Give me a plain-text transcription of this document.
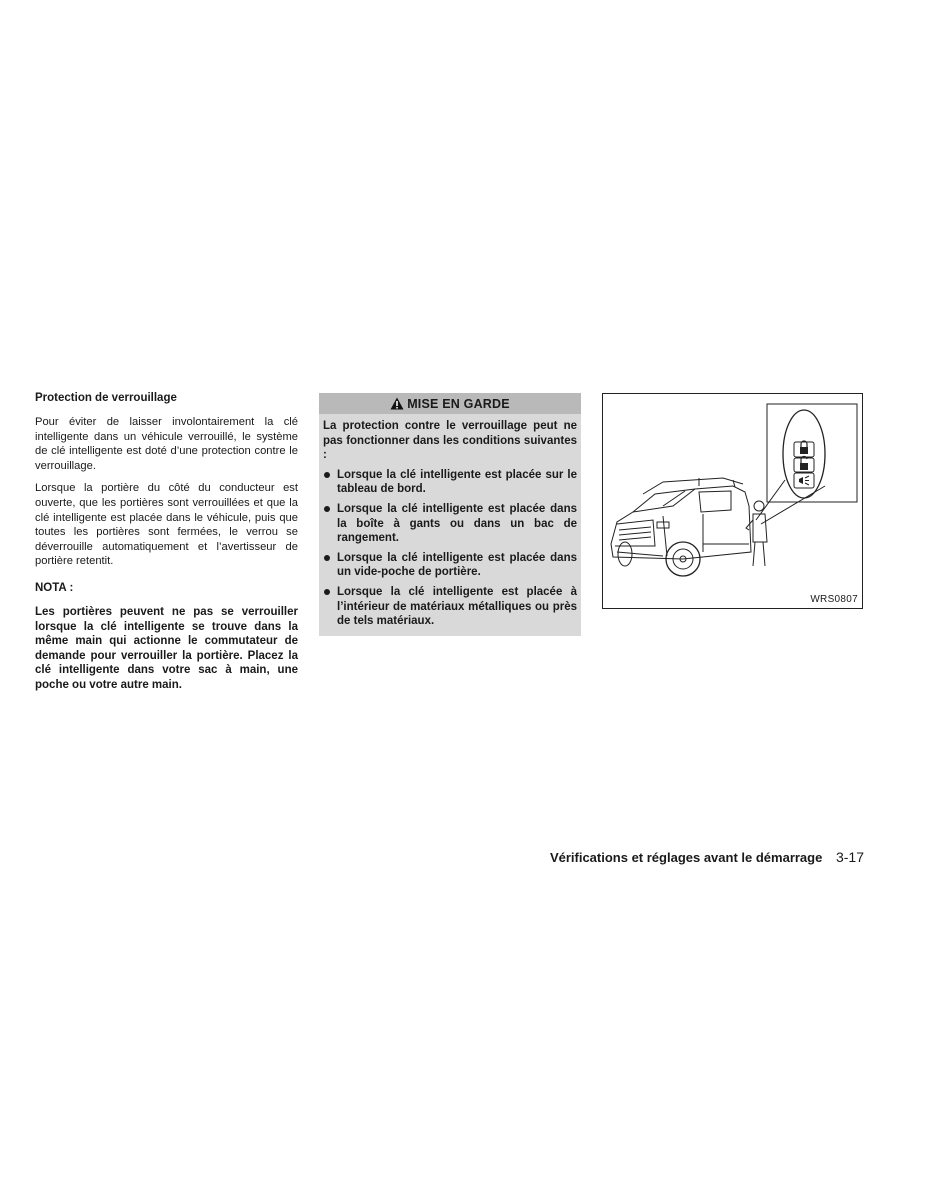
Protection de verrouillage

Pour éviter de laisser involontairement la clé intelligente dans un véhicule verrouillé, le système de clé intelligente est doté d’une protection contre le verrouillage.

Lorsque la portière du côté du conducteur est ouverte, que les portières sont verrouillées et que la clé intelligente est placée dans le véhicule, puis que toutes les portières sont fermées, le verrou se déverrouille automatiquement et l’avertisseur de portière retentit.

NOTA :

Les portières peuvent ne pas se verrouiller lorsque la clé intelligente se trouve dans la même main qui actionne le commutateur de demande pour verrouiller la portière. Placez la clé intelligente dans votre sac à main, une poche ou votre autre main.

MISE EN GARDE

La protection contre le verrouillage peut ne pas fonctionner dans les conditions suivantes :

Lorsque la clé intelligente est placée sur le tableau de bord.
Lorsque la clé intelligente est placée dans la boîte à gants ou dans un bac de rangement.
Lorsque la clé intelligente est placée dans un vide-poche de portière.
Lorsque la clé intelligente est placée à l’intérieur de matériaux métalliques ou près de tels matériaux.
WRS0807
Vérifications et réglages avant le démarrage 3-17
